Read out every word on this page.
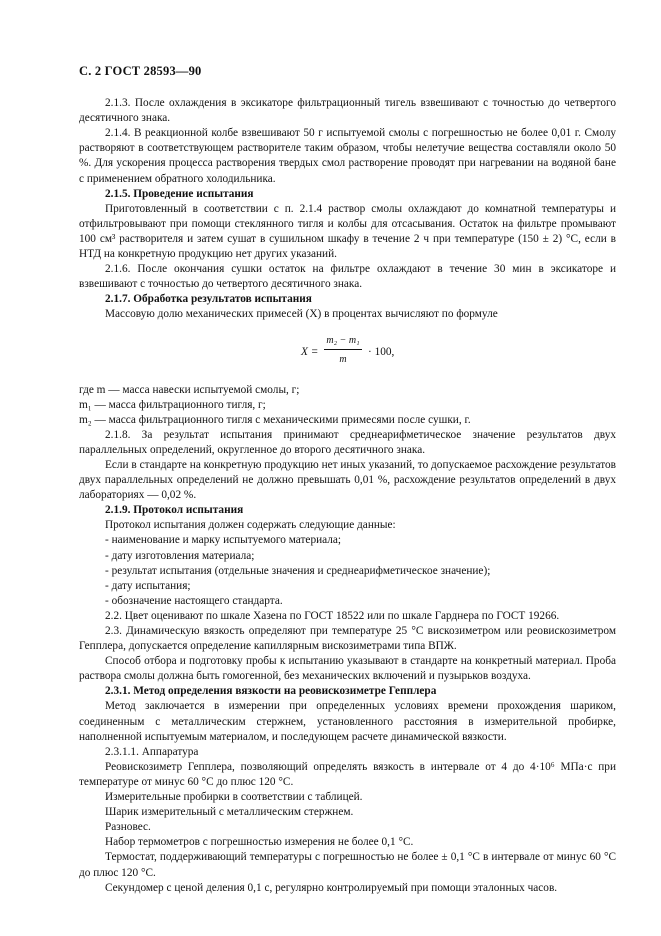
С. 2 ГОСТ 28593—90

2.1.3. После охлаждения в эксикаторе фильтрационный тигель взвешивают с точностью до четвертого десятичного знака.

2.1.4. В реакционной колбе взвешивают 50 г испытуемой смолы с погрешностью не более 0,01 г. Смолу растворяют в соответствующем растворителе таким образом, чтобы нелетучие вещества составляли около 50 %. Для ускорения процесса растворения твердых смол растворение проводят при нагревании на водяной бане с применением обратного холодильника.

2.1.5. Проведение испытания

Приготовленный в соответствии с п. 2.1.4 раствор смолы охлаждают до комнатной температуры и отфильтровывают при помощи стеклянного тигля и колбы для отсасывания. Остаток на фильтре промывают 100 см³ растворителя и затем сушат в сушильном шкафу в течение 2 ч при температуре (150 ± 2) °С, если в НТД на конкретную продукцию нет других указаний.

2.1.6. После окончания сушки остаток на фильтре охлаждают в течение 30 мин в эксикаторе и взвешивают с точностью до четвертого десятичного знака.

2.1.7. Обработка результатов испытания

Массовую долю механических примесей (X) в процентах вычисляют по формуле

$X = \frac{\text{m₂ − m₁}}{m} \cdot 100$,

где m — масса навески испытуемой смолы, г;

m₁ — масса фильтрационного тигля, г;

m₂ — масса фильтрационного тигля с механическими примесями после сушки, г.

2.1.8. За результат испытания принимают среднеарифметическое значение результатов двух параллельных определений, округленное до второго десятичного знака.

Если в стандарте на конкретную продукцию нет иных указаний, то допускаемое расхождение результатов двух параллельных определений не должно превышать 0,01 %, расхождение результатов определений в двух лабораториях — 0,02 %.

2.1.9. Протокол испытания

Протокол испытания должен содержать следующие данные:

- наименование и марку испытуемого материала;

- дату изготовления материала;

- результат испытания (отдельные значения и среднеарифметическое значение);

- дату испытания;

- обозначение настоящего стандарта.

2.2. Цвет оценивают по шкале Хазена по ГОСТ 18522 или по шкале Гарднера по ГОСТ 19266.

2.3. Динамическую вязкость определяют при температуре 25 °С вискозиметром или реовискозиметром Гепплера, допускается определение капиллярным вискозиметрами типа ВПЖ.

Способ отбора и подготовку пробы к испытанию указывают в стандарте на конкретный материал. Проба раствора смолы должна быть гомогенной, без механических включений и пузырьков воздуха.

2.3.1. Метод определения вязкости на реовискозиметре Гепплера

Метод заключается в измерении при определенных условиях времени прохождения шариком, соединенным с металлическим стержнем, установленного расстояния в измерительной пробирке, наполненной испытуемым материалом, и последующем расчете динамической вязкости.

2.3.1.1. Аппаратура

Реовискозиметр Гепплера, позволяющий определять вязкость в интервале от 4 до 4·10⁶ МПа·с при температуре от минус 60 °С до плюс 120 °С.

Измерительные пробирки в соответствии с таблицей.

Шарик измерительный с металлическим стержнем.

Разновес.

Набор термометров с погрешностью измерения не более 0,1 °С.

Термостат, поддерживающий температуры с погрешностью не более ± 0,1 °С в интервале от минус 60 °С до плюс 120 °С.

Секундомер с ценой деления 0,1 с, регулярно контролируемый при помощи эталонных часов.
